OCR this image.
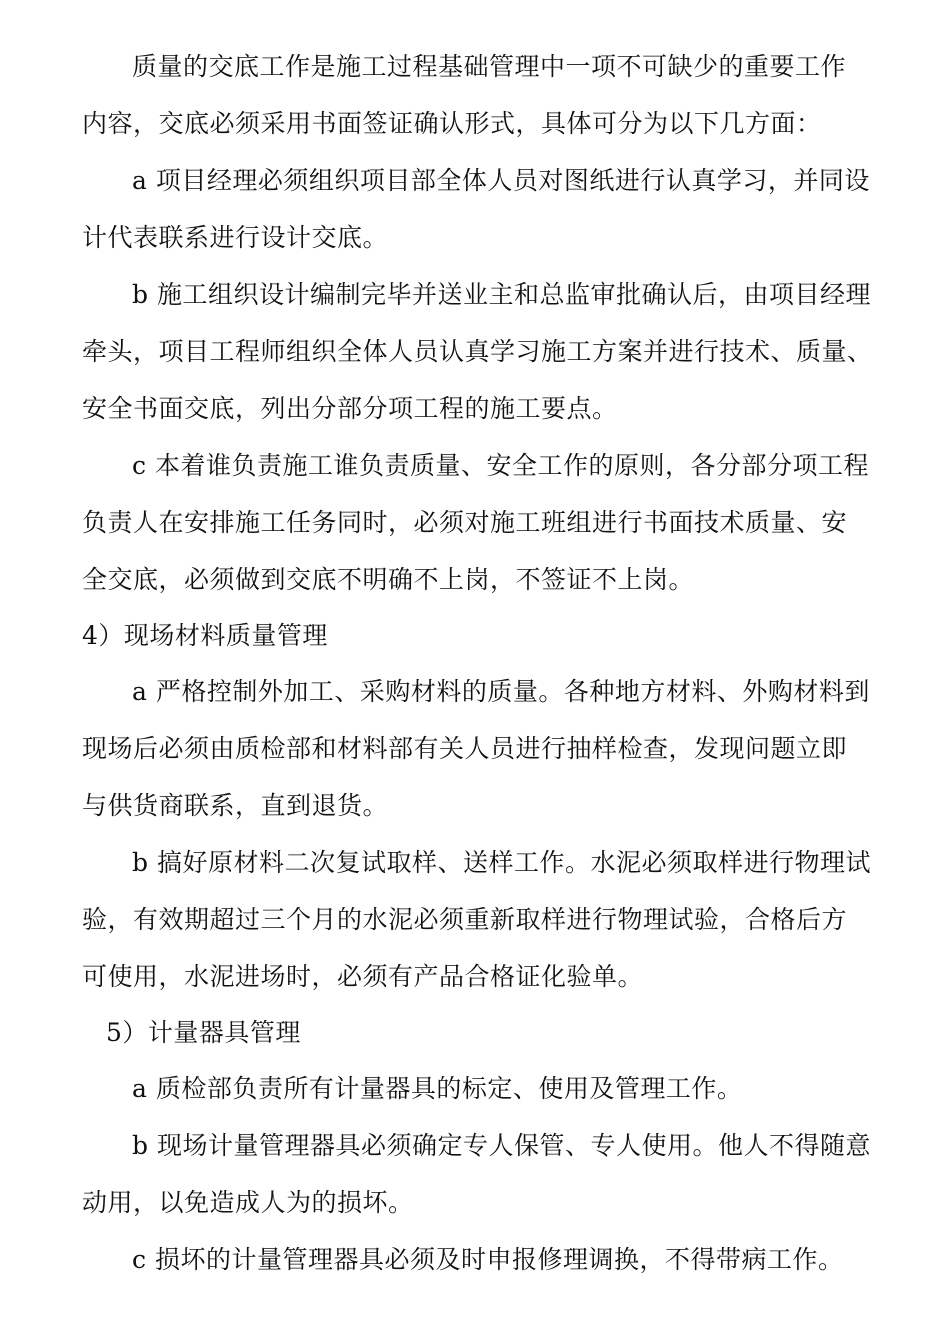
质量的交底工作是施工过程基础管理中一项不可缺少的重要工作
内容，交底必须采用书面签证确认形式，具体可分为以下几方面：
a 项目经理必须组织项目部全体人员对图纸进行认真学习，并同设
计代表联系进行设计交底。
b 施工组织设计编制完毕并送业主和总监审批确认后，由项目经理
牵头，项目工程师组织全体人员认真学习施工方案并进行技术、质量、
安全书面交底，列出分部分项工程的施工要点。
c 本着谁负责施工谁负责质量、安全工作的原则，各分部分项工程
负责人在安排施工任务同时，必须对施工班组进行书面技术质量、安
全交底，必须做到交底不明确不上岗，不签证不上岗。
4）现场材料质量管理
a 严格控制外加工、采购材料的质量。各种地方材料、外购材料到
现场后必须由质检部和材料部有关人员进行抽样检查，发现问题立即
与供货商联系，直到退货。
b 搞好原材料二次复试取样、送样工作。水泥必须取样进行物理试
验，有效期超过三个月的水泥必须重新取样进行物理试验，合格后方
可使用，水泥进场时，必须有产品合格证化验单。
5）计量器具管理
a 质检部负责所有计量器具的标定、使用及管理工作。
b 现场计量管理器具必须确定专人保管、专人使用。他人不得随意
动用，以免造成人为的损坏。
c 损坏的计量管理器具必须及时申报修理调换，不得带病工作。
